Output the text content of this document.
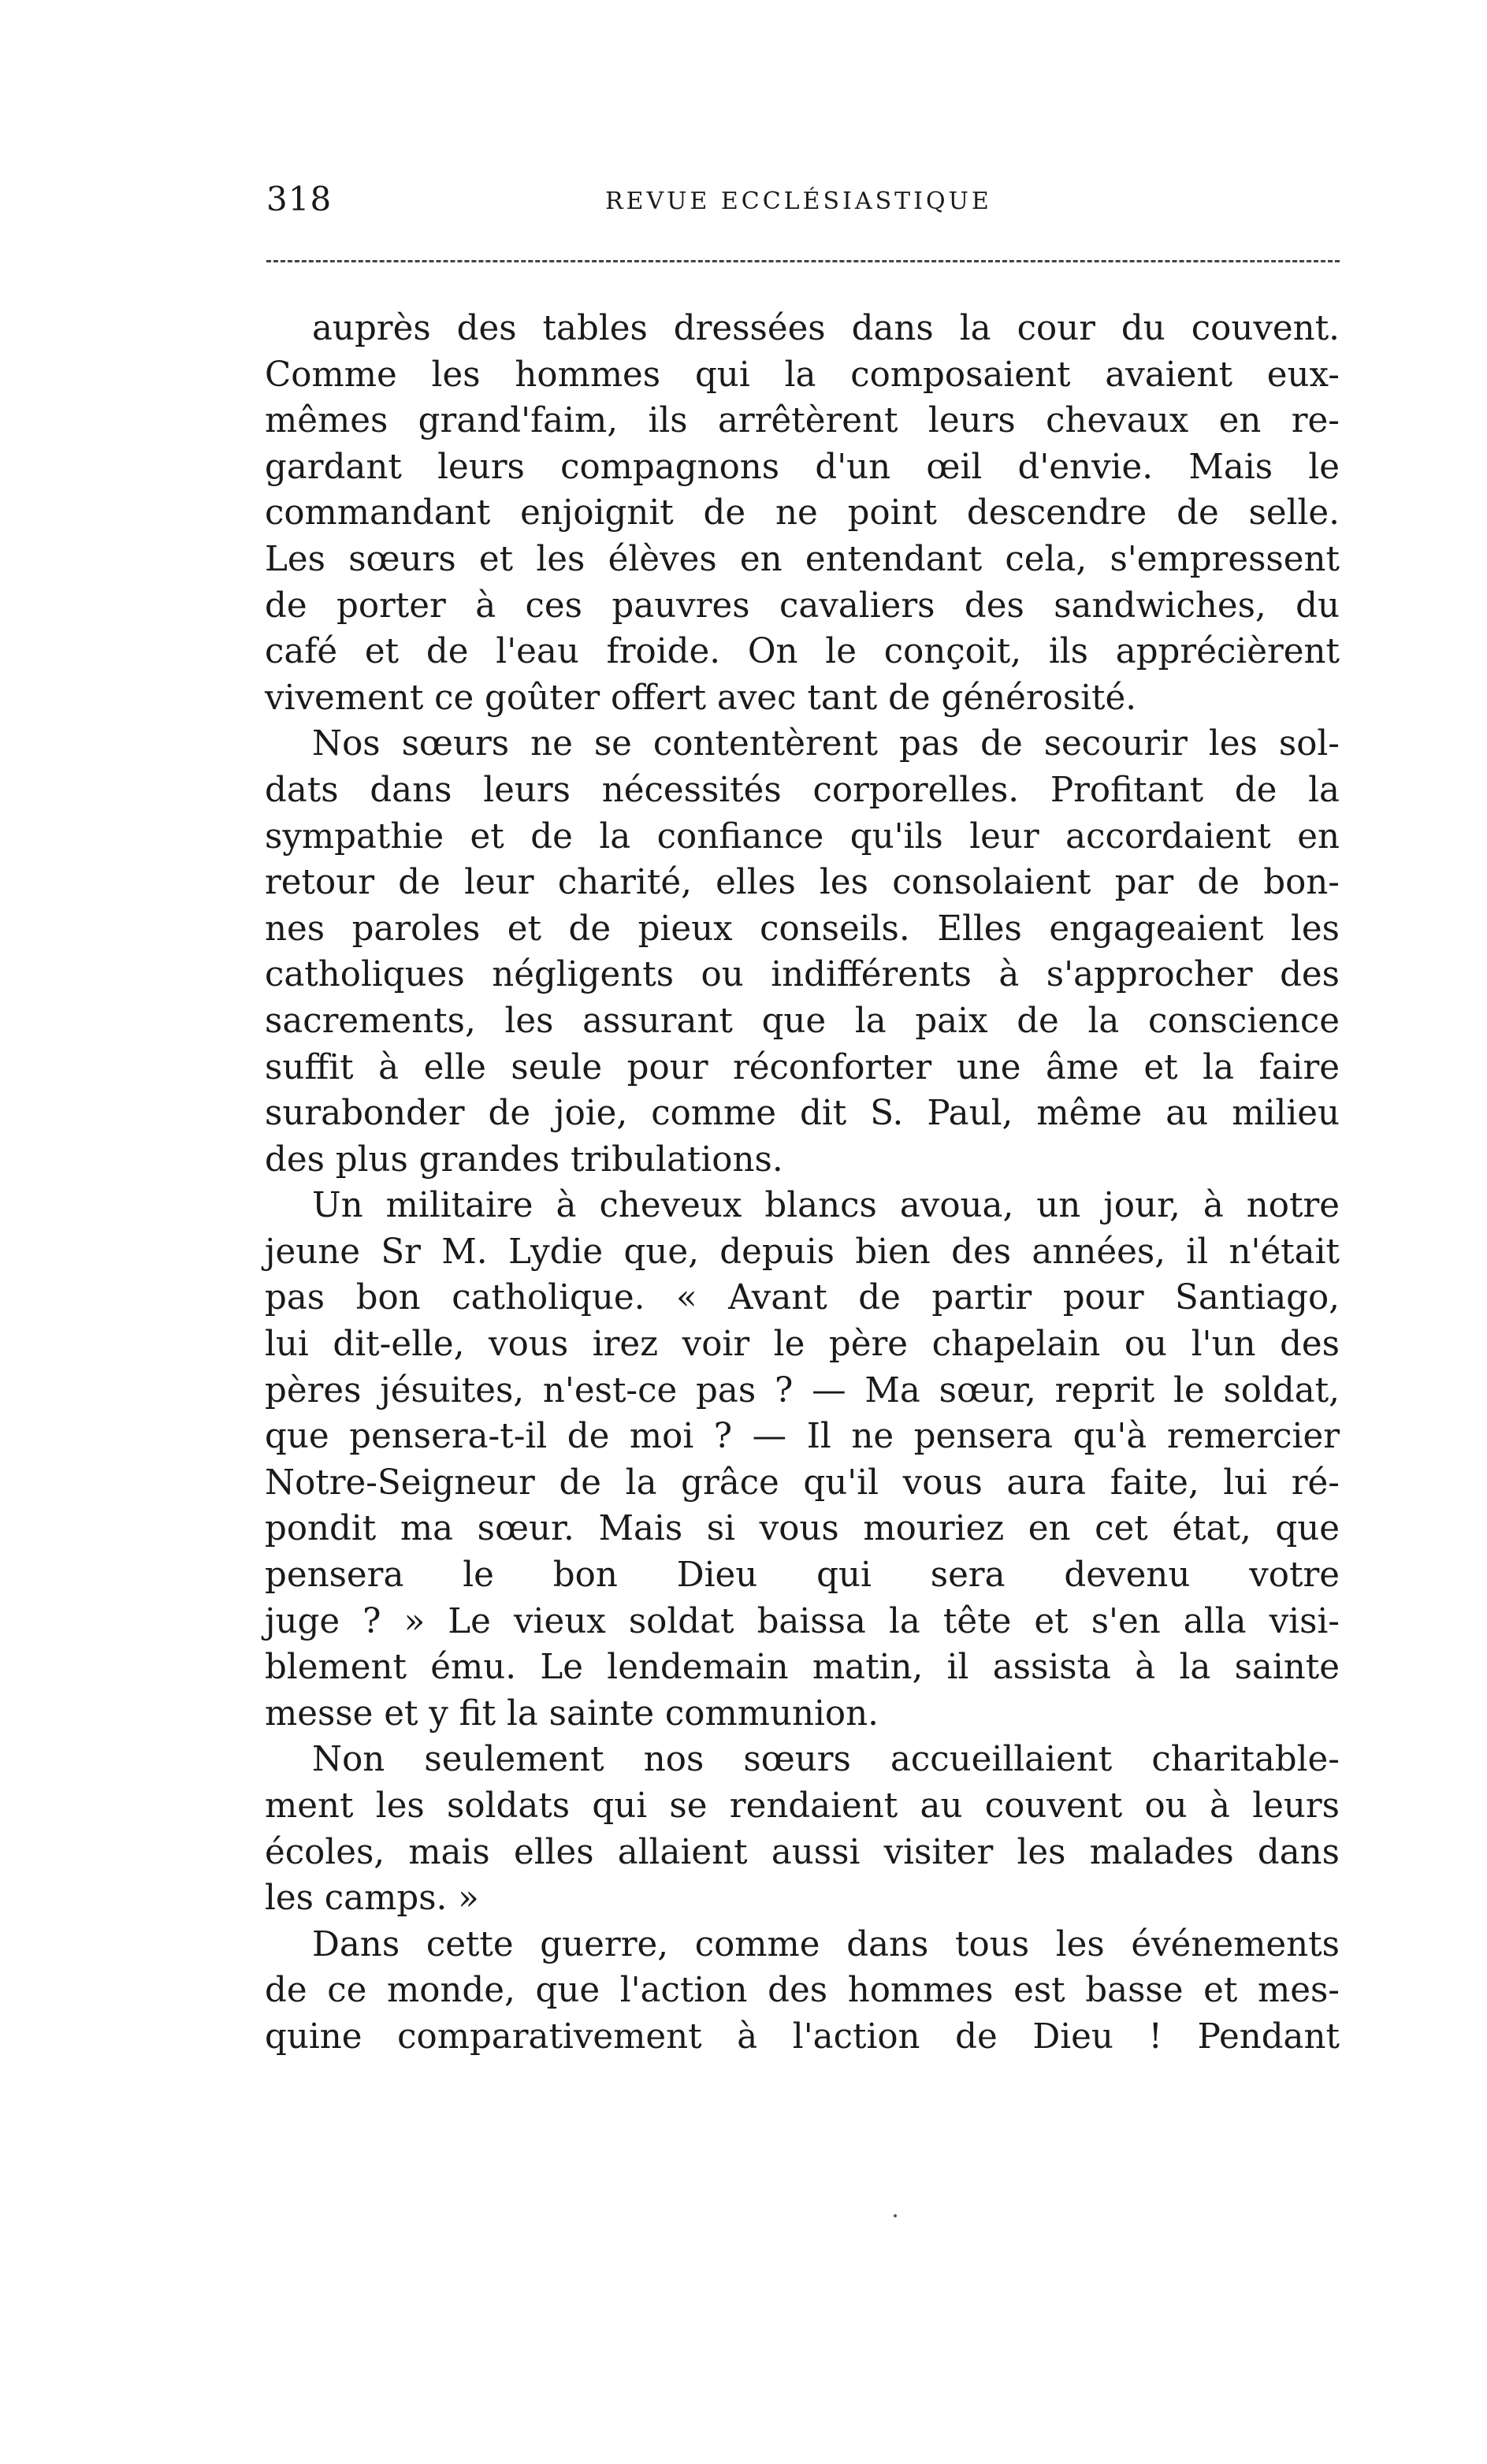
318	REVUE ECCLÉSIASTIQUE
auprès des tables dressées dans la cour du couvent.
Comme les hommes qui la composaient avaient eux-
mêmes grand'faim, ils arrêtèrent leurs chevaux en re-
gardant leurs compagnons d'un œil d'envie. Mais le
commandant enjoignit de ne point descendre de selle.
Les sœurs et les élèves en entendant cela, s'empressent
de porter à ces pauvres cavaliers des sandwiches, du
café et de l'eau froide. On le conçoit, ils apprécièrent
vivement ce goûter offert avec tant de générosité.
Nos sœurs ne se contentèrent pas de secourir les sol-
dats dans leurs nécessités corporelles. Profitant de la
sympathie et de la confiance qu'ils leur accordaient en
retour de leur charité, elles les consolaient par de bon-
nes paroles et de pieux conseils. Elles engageaient les
catholiques négligents ou indifférents à s'approcher des
sacrements, les assurant que la paix de la conscience
suffit à elle seule pour réconforter une âme et la faire
surabonder de joie, comme dit S. Paul, même au milieu
des plus grandes tribulations.
Un militaire à cheveux blancs avoua, un jour, à notre
jeune Sr M. Lydie que, depuis bien des années, il n'était
pas bon catholique. « Avant de partir pour Santiago,
lui dit-elle, vous irez voir le père chapelain ou l'un des
pères jésuites, n'est-ce pas ? — Ma sœur, reprit le soldat,
que pensera-t-il de moi ? — Il ne pensera qu'à remercier
Notre-Seigneur de la grâce qu'il vous aura faite, lui ré-
pondit ma sœur. Mais si vous mouriez en cet état, que
pensera le bon Dieu qui sera devenu votre
juge ? » Le vieux soldat baissa la tête et s'en alla visi-
blement ému. Le lendemain matin, il assista à la sainte
messe et y fit la sainte communion.
Non seulement nos sœurs accueillaient charitable-
ment les soldats qui se rendaient au couvent ou à leurs
écoles, mais elles allaient aussi visiter les malades dans
les camps. »
Dans cette guerre, comme dans tous les événements
de ce monde, que l'action des hommes est basse et mes-
quine comparativement à l'action de Dieu ! Pendant
